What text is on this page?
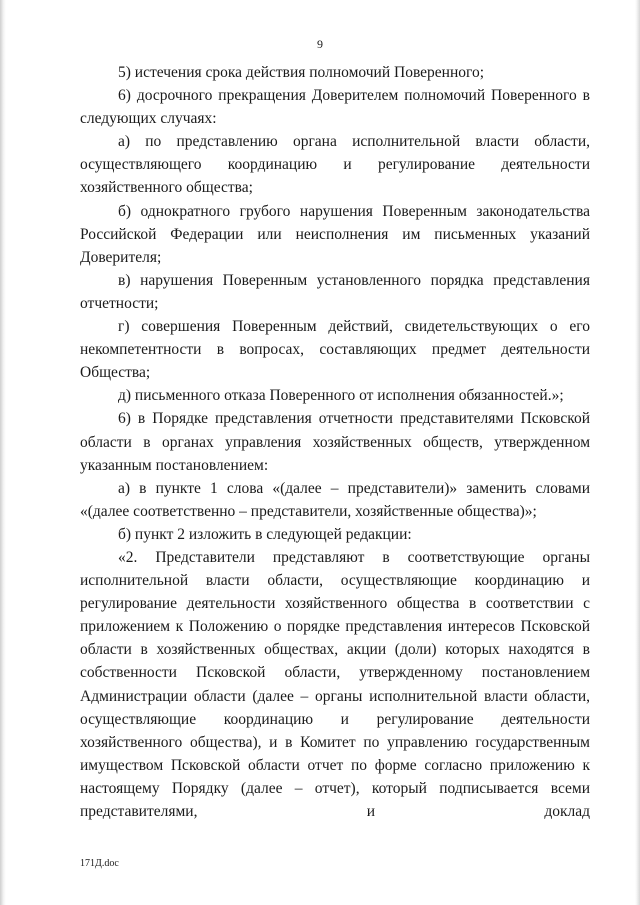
9

5) истечения срока действия полномочий Поверенного;

6) досрочного прекращения Доверителем полномочий Поверенного в следующих случаях:

а) по представлению органа исполнительной власти области, осуществляющего координацию и регулирование деятельности хозяйственного общества;

б) однократного грубого нарушения Поверенным законодательства Российской Федерации или неисполнения им письменных указаний Доверителя;

в) нарушения Поверенным установленного порядка представления отчетности;

г) совершения Поверенным действий, свидетельствующих о его некомпетентности в вопросах, составляющих предмет деятельности Общества;

д) письменного отказа Поверенного от исполнения обязанностей.»;

6) в Порядке представления отчетности представителями Псковской области в органах управления хозяйственных обществ, утвержденном указанным постановлением:

а) в пункте 1 слова «(далее – представители)» заменить словами «(далее соответственно – представители, хозяйственные общества)»;

б) пункт 2 изложить в следующей редакции:

«2. Представители представляют в соответствующие органы исполнительной власти области, осуществляющие координацию и регулирование деятельности хозяйственного общества в соответствии с приложением к Положению о порядке представления интересов Псковской области в хозяйственных обществах, акции (доли) которых находятся в собственности Псковской области, утвержденному постановлением Администрации области (далее – органы исполнительной власти области, осуществляющие координацию и регулирование деятельности хозяйственного общества), и в Комитет по управлению государственным имуществом Псковской области отчет по форме согласно приложению к настоящему Порядку (далее – отчет), который подписывается всеми представителями, и доклад

171Д.doc
